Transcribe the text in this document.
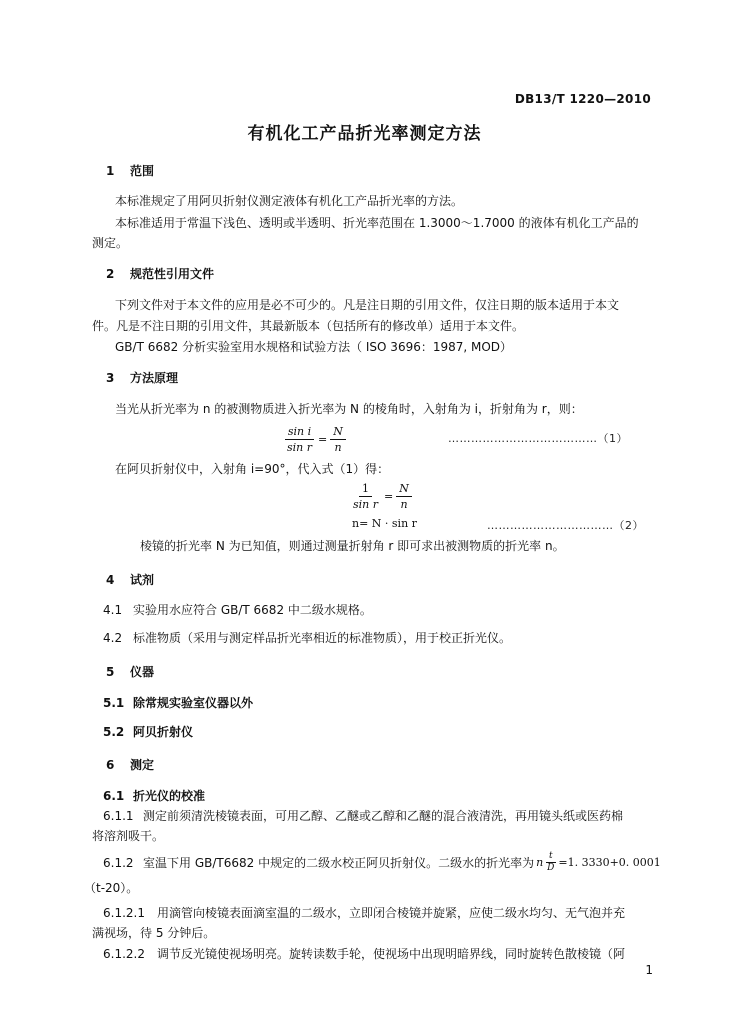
DB13/T 1220—2010
有机化工产品折光率测定方法
1 范围
本标准规定了用阿贝折射仪测定液体有机化工产品折光率的方法。
本标准适用于常温下浅色、透明或半透明、折光率范围在 1.3000～1.7000 的液体有机化工产品的
测定。
2 规范性引用文件
下列文件对于本文件的应用是必不可少的。凡是注日期的引用文件，仅注日期的版本适用于本文
件。凡是不注日期的引用文件，其最新版本（包括所有的修改单）适用于本文件。
GB/T 6682 分析实验室用水规格和试验方法（ ISO 3696：1987, MOD）
3 方法原理
当光从折光率为 n 的被测物质进入折光率为 N 的棱角时，入射角为 i，折射角为 r，则：
$\frac{\text{sin i}}{\text{sin r}} = \frac{N}{n}$	…………………………………（1）
在阿贝折射仪中，入射角 i=90°，代入式（1）得：
$\frac{1}{\text{sin r}} = \frac{N}{n}$
n= N · sin r	……………………………（2）
棱镜的折光率 N 为已知值，则通过测量折射角 r 即可求出被测物质的折光率 n。
4 试剂
4.1 实验用水应符合 GB/T 6682 中二级水规格。
4.2 标准物质（采用与测定样品折光率相近的标准物质），用于校正折光仪。
5 仪器
5.1 除常规实验室仪器以外
5.2 阿贝折射仪
6 测定
6.1 折光仪的校准
6.1.1 测定前须清洗棱镜表面，可用乙醇、乙醚或乙醇和乙醚的混合液清洗，再用镜头纸或医药棉
将溶剂吸干。
6.1.2 室温下用 GB/T6682 中规定的二级水校正阿贝折射仪。二级水的折光率为 n $\frac{t}{D} =1$. 3330+0. 0001
（t-20）。
6.1.2.1 用滴管向棱镜表面滴室温的二级水，立即闭合棱镜并旋紧，应使二级水均匀、无气泡并充
满视场，待 5 分钟后。
6.1.2.2 调节反光镜使视场明亮。旋转读数手轮，使视场中出现明暗界线，同时旋转色散棱镜（阿
1
